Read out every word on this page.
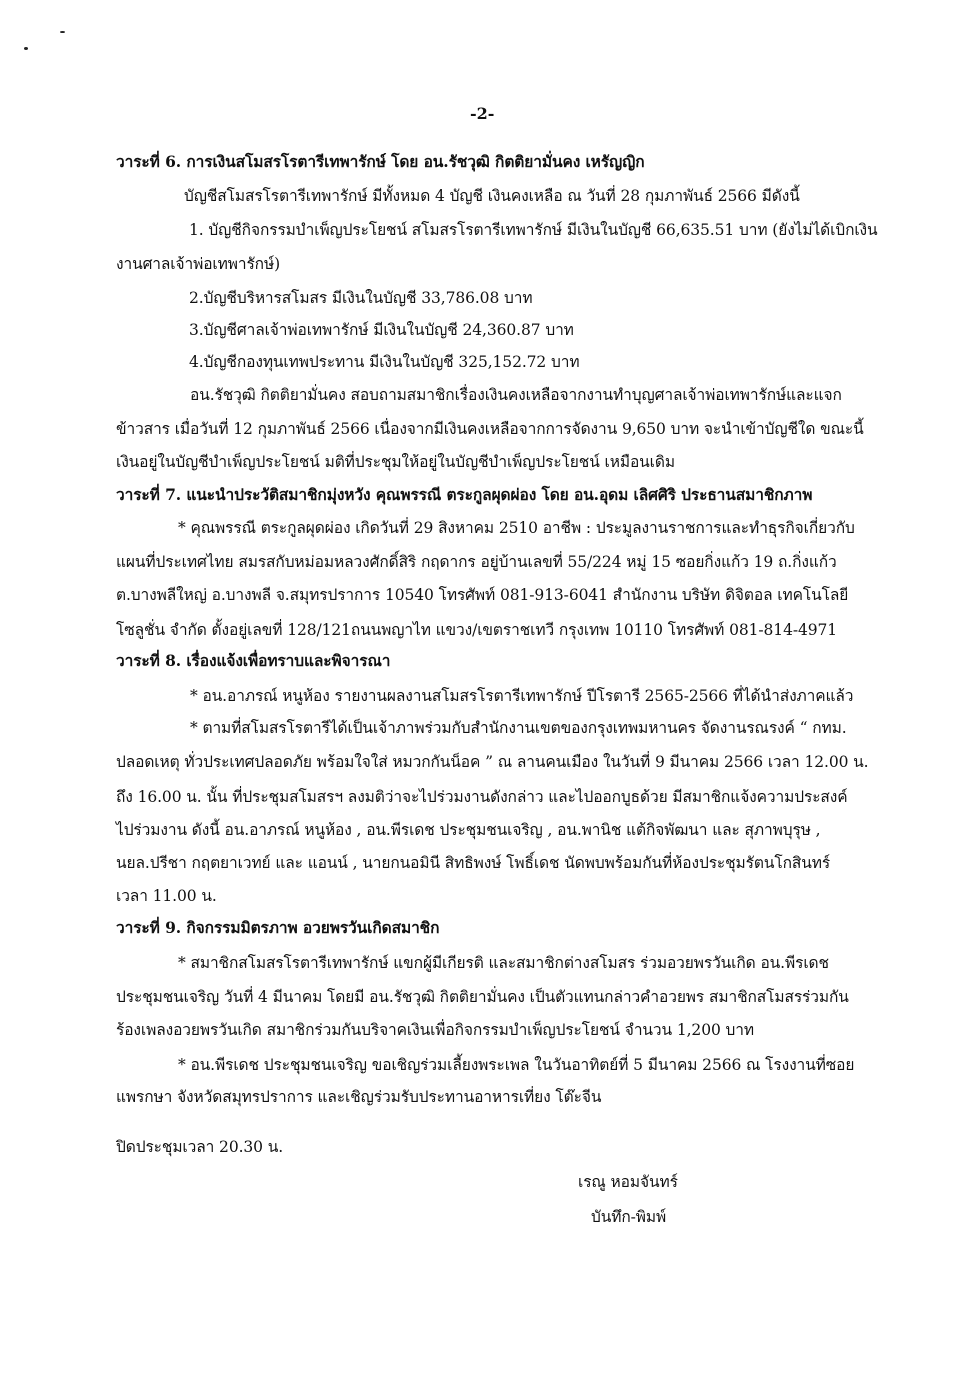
-2-
วาระที่ 6. การเงินสโมสรโรตารีเทพารักษ์ โดย อน.รัชวุฒิ กิตติยามั่นคง เหรัญญิก
บัญชีสโมสรโรตารีเทพารักษ์ มีทั้งหมด 4 บัญชี เงินคงเหลือ ณ วันที่ 28 กุมภาพันธ์ 2566 มีดังนี้
1. บัญชีกิจกรรมบำเพ็ญประโยชน์ สโมสรโรตารีเทพารักษ์ มีเงินในบัญชี 66,635.51 บาท (ยังไม่ได้เบิกเงิน
งานศาลเจ้าพ่อเทพารักษ์)
2.บัญชีบริหารสโมสร มีเงินในบัญชี 33,786.08 บาท
3.บัญชีศาลเจ้าพ่อเทพารักษ์ มีเงินในบัญชี 24,360.87 บาท
4.บัญชีกองทุนเทพประทาน มีเงินในบัญชี 325,152.72 บาท
อน.รัชวุฒิ กิตติยามั่นคง สอบถามสมาชิกเรื่องเงินคงเหลือจากงานทำบุญศาลเจ้าพ่อเทพารักษ์และแจก
ข้าวสาร เมื่อวันที่ 12 กุมภาพันธ์ 2566 เนื่องจากมีเงินคงเหลือจากการจัดงาน 9,650 บาท จะนำเข้าบัญชีใด ขณะนี้
เงินอยู่ในบัญชีบำเพ็ญประโยชน์ มติที่ประชุมให้อยู่ในบัญชีบำเพ็ญประโยชน์ เหมือนเดิม
วาระที่ 7. แนะนำประวัติสมาชิกมุ่งหวัง คุณพรรณี ตระกูลผุดผ่อง โดย อน.อุดม เลิศศิริ ประธานสมาชิกภาพ
* คุณพรรณี ตระกูลผุดผ่อง เกิดวันที่ 29 สิงหาคม 2510 อาชีพ : ประมูลงานราชการและทำธุรกิจเกี่ยวกับ
แผนที่ประเทศไทย สมรสกับหม่อมหลวงศักดิ์สิริ กฤดากร อยู่บ้านเลขที่ 55/224 หมู่ 15 ซอยกิ่งแก้ว 19 ถ.กิ่งแก้ว
ต.บางพลีใหญ่ อ.บางพลี จ.สมุทรปราการ 10540 โทรศัพท์ 081-913-6041 สำนักงาน บริษัท ดิจิตอล เทคโนโลยี
โซลูชั่น จำกัด ตั้งอยู่เลขที่ 128/121ถนนพญาไท แขวง/เขตราชเทวี กรุงเทพ 10110 โทรศัพท์ 081-814-4971
วาระที่ 8. เรื่องแจ้งเพื่อทราบและพิจารณา
* อน.อาภรณ์ หนูห้อง รายงานผลงานสโมสรโรตารีเทพารักษ์ ปีโรตารี 2565-2566 ที่ได้นำส่งภาคแล้ว
* ตามที่สโมสรโรตารีได้เป็นเจ้าภาพร่วมกับสำนักงานเขตของกรุงเทพมหานคร จัดงานรณรงค์ “ กทม.
ปลอดเหตุ ทั่วประเทศปลอดภัย พร้อมใจใส่ หมวกกันน็อค ” ณ ลานคนเมือง ในวันที่ 9 มีนาคม 2566 เวลา 12.00 น.
ถึง 16.00 น. นั้น ที่ประชุมสโมสรฯ ลงมติว่าจะไปร่วมงานดังกล่าว และไปออกบูธด้วย มีสมาชิกแจ้งความประสงค์
ไปร่วมงาน ดังนี้ อน.อาภรณ์ หนูห้อง , อน.พีรเดช ประชุมชนเจริญ , อน.พานิช แต้กิจพัฒนา และ สุภาพบุรุษ ,
นยล.ปรีชา กฤตยาเวทย์ และ แอนน์ , นายกนอมินี สิทธิพงษ์ โพธิ์เดช นัดพบพร้อมกันที่ห้องประชุมรัตนโกสินทร์
เวลา 11.00 น.
วาระที่ 9. กิจกรรมมิตรภาพ อวยพรวันเกิดสมาชิก
* สมาชิกสโมสรโรตารีเทพารักษ์ แขกผู้มีเกียรติ และสมาชิกต่างสโมสร ร่วมอวยพรวันเกิด อน.พีรเดช
ประชุมชนเจริญ วันที่ 4 มีนาคม โดยมี อน.รัชวุฒิ กิตติยามั่นคง เป็นตัวแทนกล่าวคำอวยพร สมาชิกสโมสรร่วมกัน
ร้องเพลงอวยพรวันเกิด สมาชิกร่วมกันบริจาคเงินเพื่อกิจกรรมบำเพ็ญประโยชน์ จำนวน 1,200 บาท
* อน.พีรเดช ประชุมชนเจริญ ขอเชิญร่วมเลี้ยงพระเพล ในวันอาทิตย์ที่ 5 มีนาคม 2566 ณ โรงงานที่ซอย
แพรกษา จังหวัดสมุทรปราการ และเชิญร่วมรับประทานอาหารเที่ยง โต๊ะจีน
ปิดประชุมเวลา 20.30 น.
เรณู หอมจันทร์
บันทึก-พิมพ์
